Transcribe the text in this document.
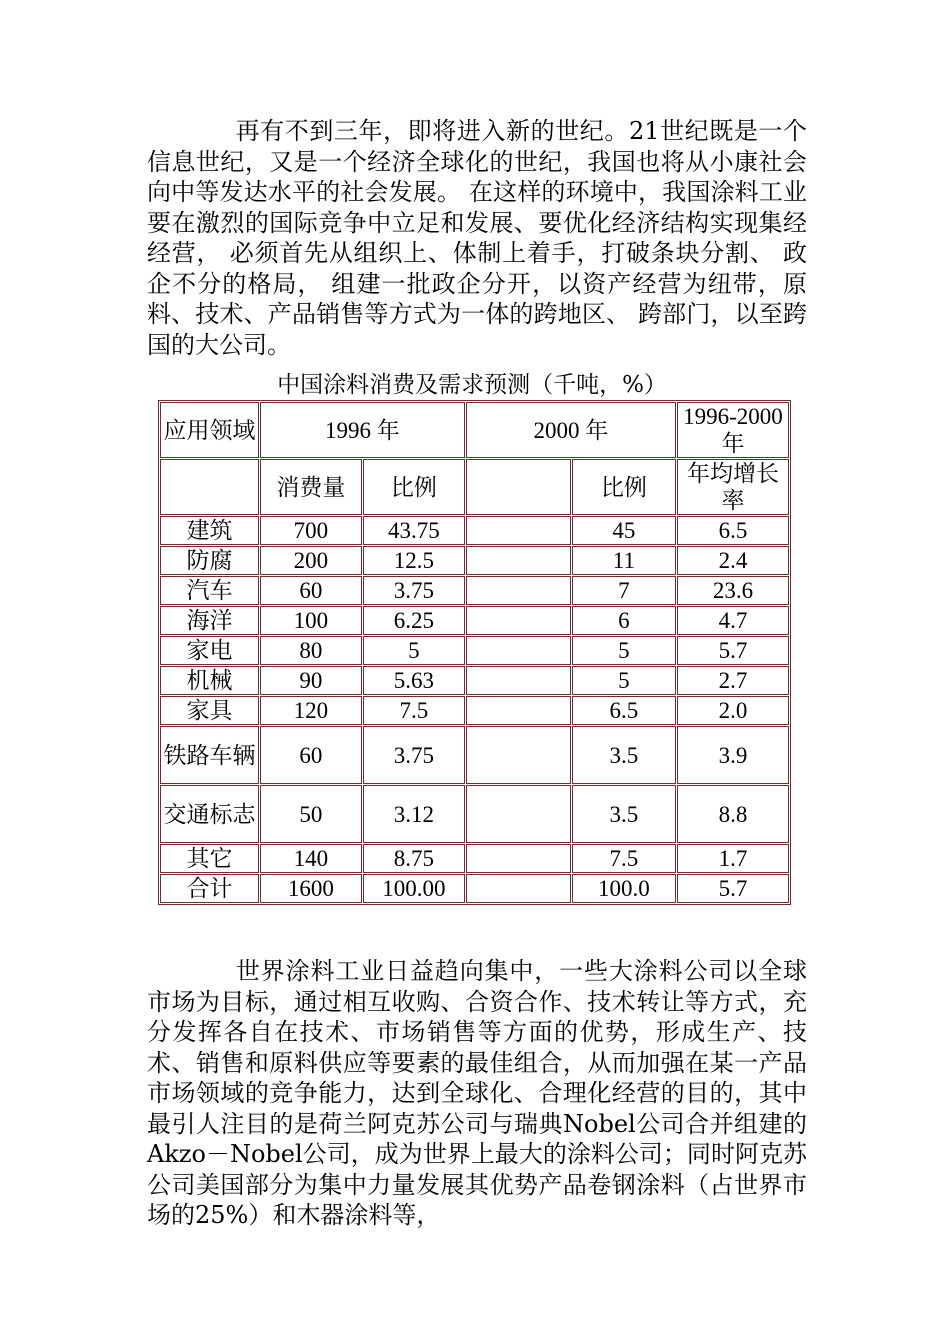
再有不到三年，即将进入新的世纪。21世纪既是一个信息世纪，又是一个经济全球化的世纪，我国也将从小康社会向中等发达水平的社会发展。 在这样的环境中，我国涂料工业要在激烈的国际竞争中立足和发展、要优化经济结构实现集经经营， 必须首先从组织上、体制上着手，打破条块分割、 政企不分的格局， 组建一批政企分开，以资产经营为纽带，原料、技术、产品销售等方式为一体的跨地区、 跨部门，以至跨国的大公司。

中国涂料消费及需求预测（千吨，%）

应用领域	1996 年		2000 年		1996-2000 年
	消费量	比例		比例	年均增长率
建筑	700	43.75		45	6.5
防腐	200	12.5		11	2.4
汽车	60	3.75		7	23.6
海洋	100	6.25		6	4.7
家电	80	5		5	5.7
机械	90	5.63		5	2.7
家具	120	7.5		6.5	2.0
铁路车辆	60	3.75		3.5	3.9
交通标志	50	3.12		3.5	8.8
其它	140	8.75		7.5	1.7
合计	1600	100.00		100.0	5.7

世界涂料工业日益趋向集中，一些大涂料公司以全球市场为目标，通过相互收购、合资合作、技术转让等方式，充分发挥各自在技术、市场销售等方面的优势，形成生产、技术、销售和原料供应等要素的最佳组合，从而加强在某一产品市场领域的竞争能力，达到全球化、合理化经营的目的，其中最引人注目的是荷兰阿克苏公司与瑞典Nobel公司合并组建的Akzo－Nobel公司，成为世界上最大的涂料公司；同时阿克苏公司美国部分为集中力量发展其优势产品卷钢涂料（占世界市场的25%）和木器涂料等，
